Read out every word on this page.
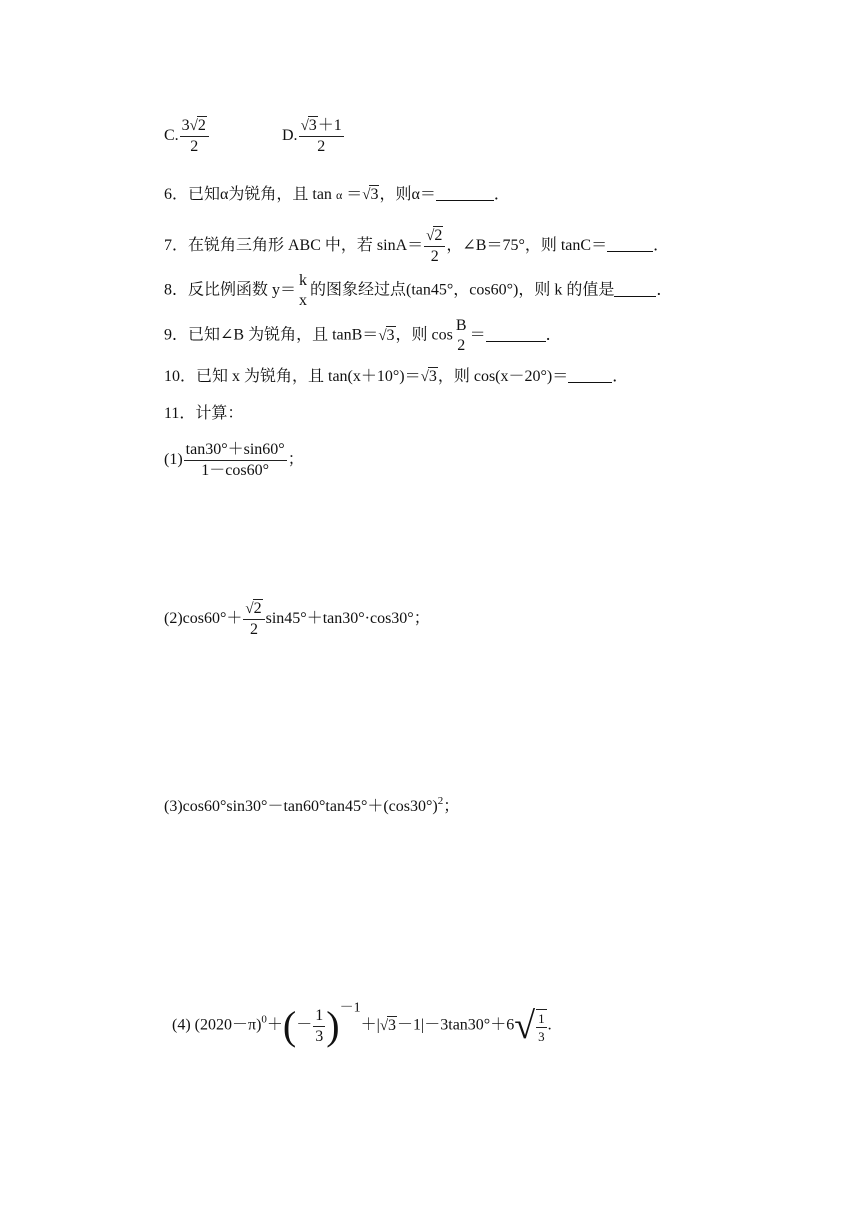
C. $\frac{3√2}{2}$	D. $\frac{√3+1}{2}$
6．已知α为锐角，且 tan α ＝√3，则α＝	．
7．在锐角三角形 ABC 中，若 $\sin A= \frac{√2}{2}$ ，∠B＝75°，则 tanC＝	．
8．反比例函数 y＝
k
x
的图象经过点(tan45°，cos60°)，则 k 的值是	．
9．已知∠B 为锐角，且 tanB＝√3，则 cos
B
2
＝	．
10．已知 x 为锐角，且 tan(x＋10°)＝√3，则 cos(x－20°)＝	．
11．计算：
$(1) \frac{\tan 30^\circ+\sin 60^\circ}{1-\cos 60^\circ}$ ；
$(2)\cos 60^\circ+ \frac{√2}{2} \sin 45^\circ+\tan 30^\circ\cdot\cos 30^\circ$；
$(3)\cos 60^\circ\sin 30^\circ-\tan 60^\circ\tan 45^\circ+(\cos 30^\circ)^2$；
(4) $(2020-\pi)^0+(- \frac{1}{3} )^{-1}+|√3-1|-3\tan 30^\circ+6√ \frac{1}{3}$ .
